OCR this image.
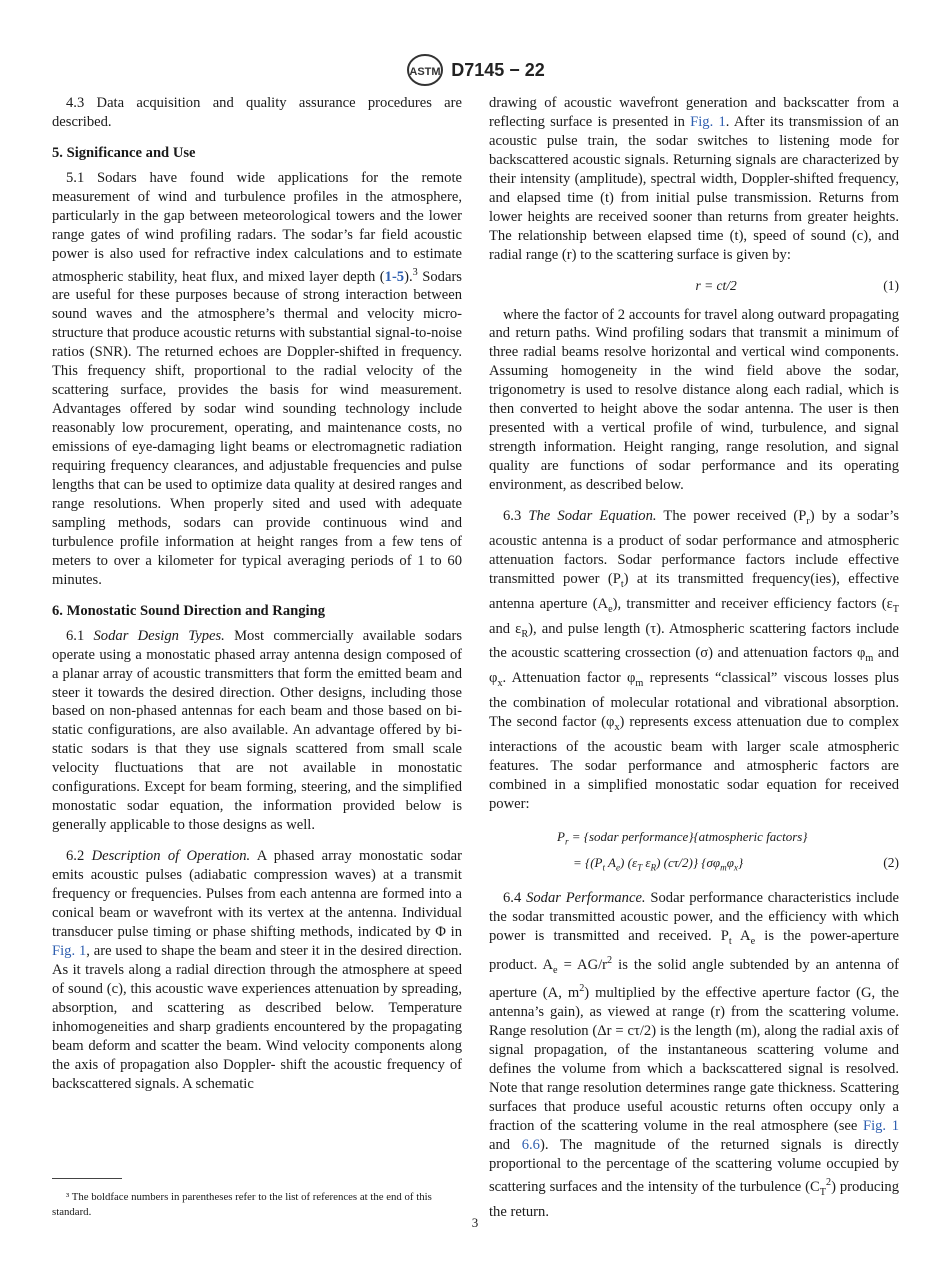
ASTM D7145 − 22

4.3 Data acquisition and quality assurance procedures are described.

5. Significance and Use

5.1 Sodars have found wide applications for the remote measurement of wind and turbulence profiles in the atmosphere, particularly in the gap between meteorological towers and the lower range gates of wind profiling radars. The sodar’s far field acoustic power is also used for refractive index calculations and to estimate atmospheric stability, heat flux, and mixed layer depth (1-5).$^3$ Sodars are useful for these purposes because of strong interaction between sound waves and the atmosphere’s thermal and velocity micro-structure that produce acoustic returns with substantial signal-to-noise ratios (SNR). The returned echoes are Doppler-shifted in frequency. This frequency shift, proportional to the radial velocity of the scattering surface, provides the basis for wind measurement. Advantages offered by sodar wind sounding technology include reasonably low procurement, operating, and maintenance costs, no emissions of eye-damaging light beams or electromagnetic radiation requiring frequency clearances, and adjustable frequencies and pulse lengths that can be used to optimize data quality at desired ranges and range resolutions. When properly sited and used with adequate sampling methods, sodars can provide continuous wind and turbulence profile information at height ranges from a few tens of meters to over a kilometer for typical averaging periods of 1 to 60 minutes.

6. Monostatic Sound Direction and Ranging

6.1 Sodar Design Types. Most commercially available sodars operate using a monostatic phased array antenna design composed of a planar array of acoustic transmitters that form the emitted beam and steer it towards the desired direction. Other designs, including those based on non-phased antennas for each beam and those based on bi-static configurations, are also available. An advantage offered by bi-static sodars is that they use signals scattered from small scale velocity fluctuations that are not available in monostatic configurations. Except for beam forming, steering, and the simplified monostatic sodar equation, the information provided below is generally applicable to those designs as well.

6.2 Description of Operation. A phased array monostatic sodar emits acoustic pulses (adiabatic compression waves) at a transmit frequency or frequencies. Pulses from each antenna are formed into a conical beam or wavefront with its vertex at the antenna. Individual transducer pulse timing or phase shifting methods, indicated by Φ in Fig. 1, are used to shape the beam and steer it in the desired direction. As it travels along a radial direction through the atmosphere at speed of sound (c), this acoustic wave experiences attenuation by spreading, absorption, and scattering as described below. Temperature inhomogeneities and sharp gradients encountered by the propagating beam deform and scatter the beam. Wind velocity components along the axis of propagation also Doppler- shift the acoustic frequency of backscattered signals. A schematic

³ The boldface numbers in parentheses refer to the list of references at the end of this standard.

drawing of acoustic wavefront generation and backscatter from a reflecting surface is presented in Fig. 1. After its transmission of an acoustic pulse train, the sodar switches to listening mode for backscattered acoustic signals. Returning signals are characterized by their intensity (amplitude), spectral width, Doppler-shifted frequency, and elapsed time (t) from initial pulse transmission. Returns from lower heights are received sooner than returns from greater heights. The relationship between elapsed time (t), speed of sound (c), and radial range (r) to the scattering surface is given by:

r = ct/2	(1)

where the factor of 2 accounts for travel along outward propagating and return paths. Wind profiling sodars that transmit a minimum of three radial beams resolve horizontal and vertical wind components. Assuming homogeneity in the wind field above the sodar, trigonometry is used to resolve distance along each radial, which is then converted to height above the sodar antenna. The user is then presented with a vertical profile of wind, turbulence, and signal strength information. Height ranging, range resolution, and signal quality are functions of sodar performance and its operating environment, as described below.

6.3 The Sodar Equation. The power received $(P_r)$ by a sodar’s acoustic antenna is a product of sodar performance and atmospheric attenuation factors. Sodar performance factors include effective transmitted power $(P_t)$ at its transmitted frequency(ies), effective antenna aperture $(A_e)$, transmitter and receiver efficiency factors ($\varepsilon_T$ and $\varepsilon_R$), and pulse length (τ). Atmospheric scattering factors include the acoustic scattering crossection (σ) and attenuation factors $\varphi_m$ and $\varphi_x$. Attenuation factor $\varphi_m$ represents “classical” viscous losses plus the combination of molecular rotational and vibrational absorption. The second factor $(\varphi_x)$ represents excess attenuation due to complex interactions of the acoustic beam with larger scale atmospheric features. The sodar performance and atmospheric factors are combined in a simplified monostatic sodar equation for received power:

$P_r$ = {sodar performance}{atmospheric factors}
= {($P_t$ $A_e$) ($\varepsilon_T$ $\varepsilon_R$) (cτ/2)} $\{\sigma\varphi_m\varphi_x\}$	(2)

6.4 Sodar Performance. Sodar performance characteristics include the sodar transmitted acoustic power, and the efficiency with which power is transmitted and received. $P_t$ $A_e$ is the power-aperture product. $A_e = AG/r^2$ is the solid angle subtended by an antenna of aperture (A, $m^2$) multiplied by the effective aperture factor (G, the antenna’s gain), as viewed at range (r) from the scattering volume. Range resolution (Δr = cτ/2) is the length (m), along the radial axis of signal propagation, of the instantaneous scattering volume and defines the volume from which a backscattered signal is resolved. Note that range resolution determines range gate thickness. Scattering surfaces that produce useful acoustic returns often occupy only a fraction of the scattering volume in the real atmosphere (see Fig. 1 and 6.6). The magnitude of the returned signals is directly proportional to the percentage of the scattering volume occupied by scattering surfaces and the intensity of the turbulence $(C_T^2)$ producing the return.

3
